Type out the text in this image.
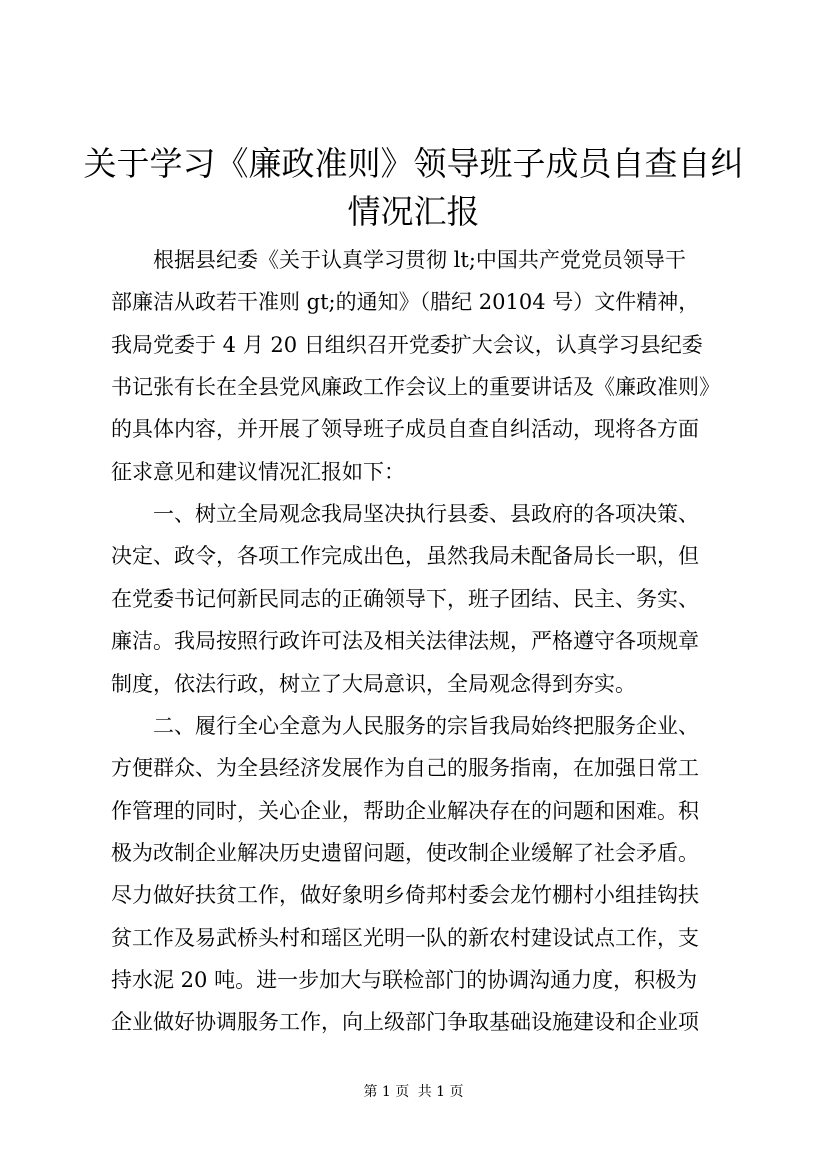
关于学习《廉政准则》领导班子成员自查自纠
情况汇报
　　根据县纪委《关于认真学习贯彻 lt;中国共产党党员领导干
部廉洁从政若干准则 gt;的通知》（腊纪 20104 号）文件精神，
我局党委于 4 月 20 日组织召开党委扩大会议，认真学习县纪委
书记张有长在全县党风廉政工作会议上的重要讲话及《廉政准则》
的具体内容，并开展了领导班子成员自查自纠活动，现将各方面
征求意见和建议情况汇报如下：
　　一、树立全局观念我局坚决执行县委、县政府的各项决策、
决定、政令，各项工作完成出色，虽然我局未配备局长一职，但
在党委书记何新民同志的正确领导下，班子团结、民主、务实、
廉洁。我局按照行政许可法及相关法律法规，严格遵守各项规章
制度，依法行政，树立了大局意识，全局观念得到夯实。
　　二、履行全心全意为人民服务的宗旨我局始终把服务企业、
方便群众、为全县经济发展作为自己的服务指南，在加强日常工
作管理的同时，关心企业，帮助企业解决存在的问题和困难。积
极为改制企业解决历史遗留问题，使改制企业缓解了社会矛盾。
尽力做好扶贫工作，做好象明乡倚邦村委会龙竹棚村小组挂钩扶
贫工作及易武桥头村和瑶区光明一队的新农村建设试点工作，支
持水泥 20 吨。进一步加大与联检部门的协调沟通力度，积极为
企业做好协调服务工作，向上级部门争取基础设施建设和企业项
第 1 页 共 1 页
